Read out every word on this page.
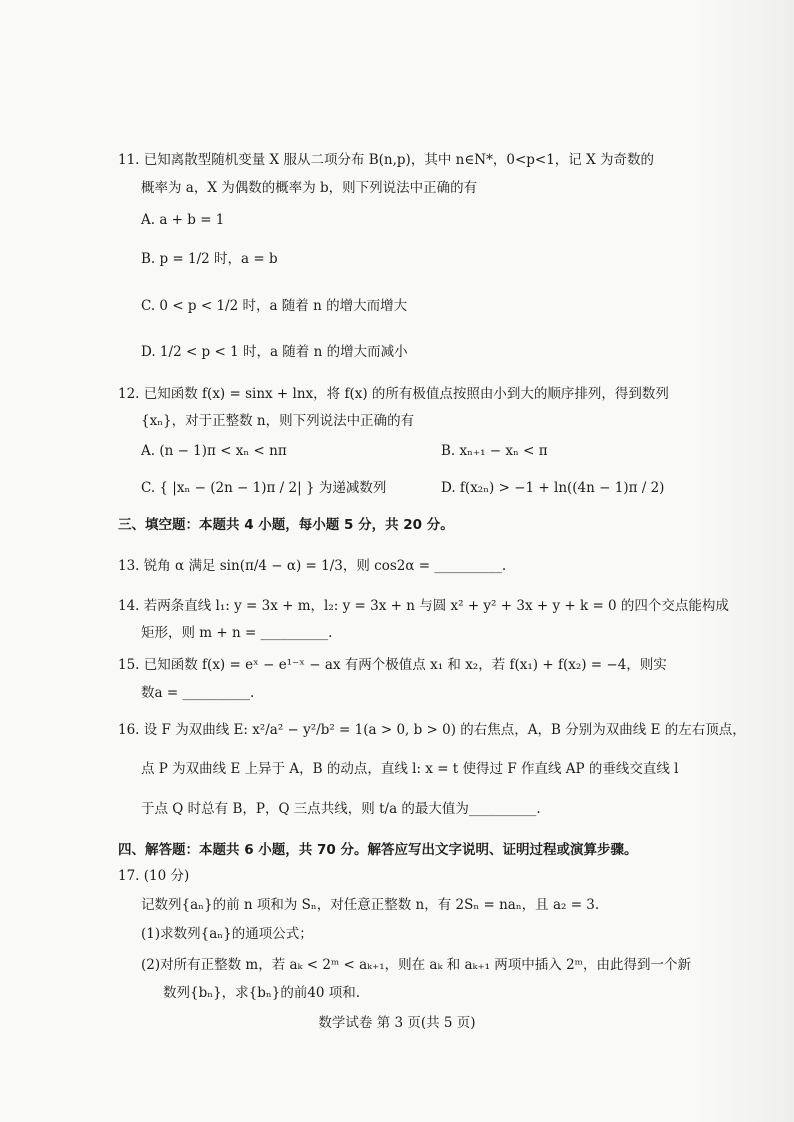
11. 已知离散型随机变量 X 服从二项分布 B(n,p)，其中 n∈N*，0<p<1，记 X 为奇数的
概率为 a，X 为偶数的概率为 b，则下列说法中正确的有
A. a + b = 1
B. p = 1/2 时，a = b
C. 0 < p < 1/2 时，a 随着 n 的增大而增大
D. 1/2 < p < 1 时，a 随着 n 的增大而减小
12. 已知函数 f(x) = sinx + lnx，将 f(x) 的所有极值点按照由小到大的顺序排列，得到数列
{xₙ}，对于正整数 n，则下列说法中正确的有
A. (n − 1)π < xₙ < nπ	B. xₙ₊₁ − xₙ < π
C. { |xₙ − (2n − 1)π / 2| } 为递减数列	D. f(x₂ₙ) > −1 + ln((4n − 1)π / 2)
三、填空题：本题共 4 小题，每小题 5 分，共 20 分。
13. 锐角 α 满足 sin(π/4 − α) = 1/3，则 cos2α = __________.
14. 若两条直线 l₁: y = 3x + m，l₂: y = 3x + n 与圆 x² + y² + 3x + y + k = 0 的四个交点能构成
矩形，则 m + n = __________.
15. 已知函数 f(x) = eˣ − e¹⁻ˣ − ax 有两个极值点 x₁ 和 x₂，若 f(x₁) + f(x₂) = −4，则实
数a = __________.
16. 设 F 为双曲线 E: x²/a² − y²/b² = 1(a > 0, b > 0) 的右焦点，A，B 分别为双曲线 E 的左右顶点，
点 P 为双曲线 E 上异于 A，B 的动点，直线 l: x = t 使得过 F 作直线 AP 的垂线交直线 l
于点 Q 时总有 B，P，Q 三点共线，则 t/a 的最大值为__________.
四、解答题：本题共 6 小题，共 70 分。解答应写出文字说明、证明过程或演算步骤。
17. (10 分)
记数列{aₙ}的前 n 项和为 Sₙ，对任意正整数 n，有 2Sₙ = naₙ，且 a₂ = 3.
(1)求数列{aₙ}的通项公式；
(2)对所有正整数 m，若 aₖ < 2ᵐ < aₖ₊₁，则在 aₖ 和 aₖ₊₁ 两项中插入 2ᵐ，由此得到一个新
数列{bₙ}，求{bₙ}的前40 项和.
数学试卷 第 3 页(共 5 页)
